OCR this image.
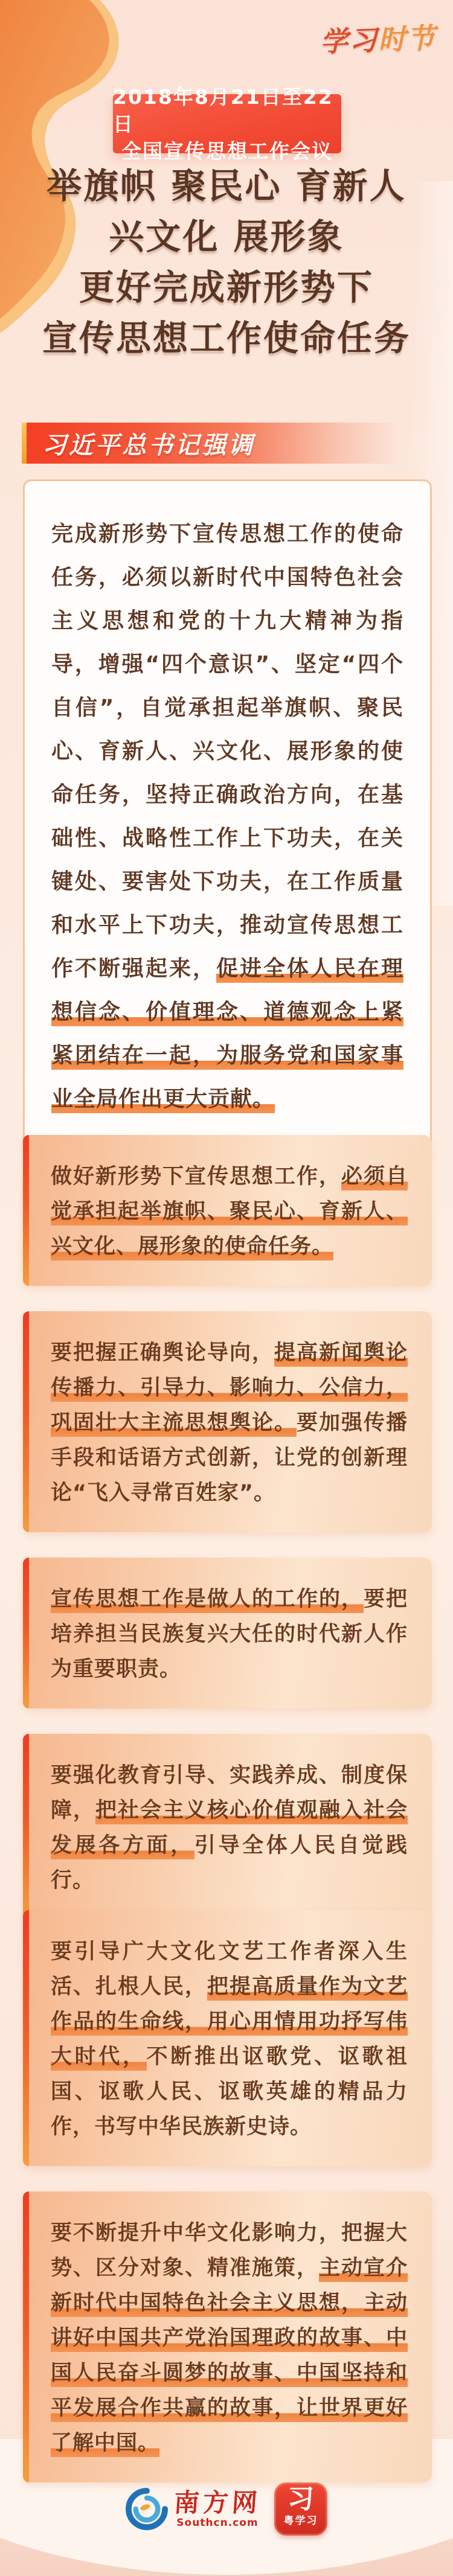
学习时节
2018年8月21日至22日
全国宣传思想工作会议
举旗帜 聚民心 育新人
兴文化 展形象
更好完成新形势下
宣传思想工作使命任务
习近平总书记强调

完成新形势下宣传思想工作的使命任务，必须以新时代中国特色社会主义思想和党的十九大精神为指导，增强“四个意识”、坚定“四个自信”，自觉承担起举旗帜、聚民心、育新人、兴文化、展形象的使命任务，坚持正确政治方向，在基础性、战略性工作上下功夫，在关键处、要害处下功夫，在工作质量和水平上下功夫，推动宣传思想工作不断强起来，促进全体人民在理想信念、价值理念、道德观念上紧紧团结在一起，为服务党和国家事业全局作出更大贡献。

做好新形势下宣传思想工作，必须自觉承担起举旗帜、聚民心、育新人、兴文化、展形象的使命任务。

要把握正确舆论导向，提高新闻舆论传播力、引导力、影响力、公信力，巩固壮大主流思想舆论。要加强传播手段和话语方式创新，让党的创新理论“飞入寻常百姓家”。

宣传思想工作是做人的工作的，要把培养担当民族复兴大任的时代新人作为重要职责。

要强化教育引导、实践养成、制度保障，把社会主义核心价值观融入社会发展各方面，引导全体人民自觉践行。

要引导广大文化文艺工作者深入生活、扎根人民，把提高质量作为文艺作品的生命线，用心用情用功抒写伟大时代，不断推出讴歌党、讴歌祖国、讴歌人民、讴歌英雄的精品力作，书写中华民族新史诗。

要不断提升中华文化影响力，把握大势、区分对象、精准施策，主动宣介新时代中国特色社会主义思想，主动讲好中国共产党治国理政的故事、中国人民奋斗圆梦的故事、中国坚持和平发展合作共赢的故事，让世界更好了解中国。

南方网
Southcn.com
习
粤学习
